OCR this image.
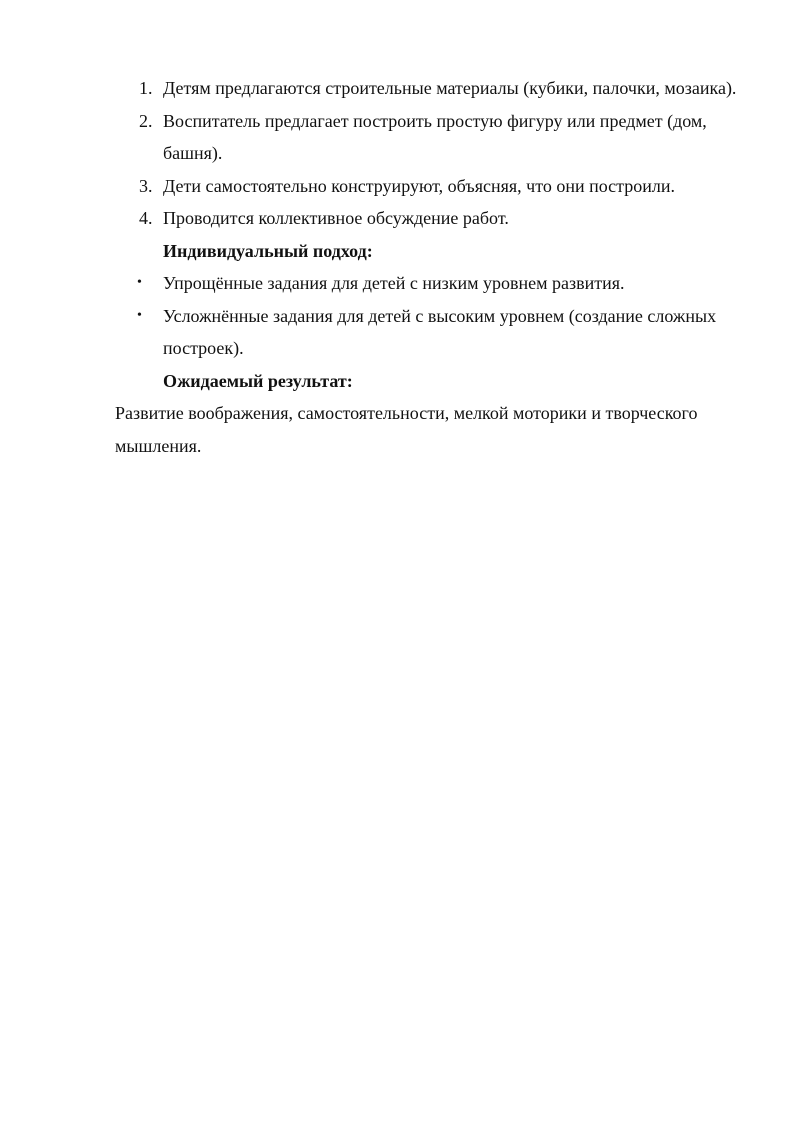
1. Детям предлагаются строительные материалы (кубики, палочки, мозаика).
2. Воспитатель предлагает построить простую фигуру или предмет (дом, башня).
3. Дети самостоятельно конструируют, объясняя, что они построили.
4. Проводится коллективное обсуждение работ.
Индивидуальный подход:
• Упрощённые задания для детей с низким уровнем развития.
• Усложнённые задания для детей с высоким уровнем (создание сложных построек).
Ожидаемый результат:
Развитие воображения, самостоятельности, мелкой моторики и творческого мышления.
